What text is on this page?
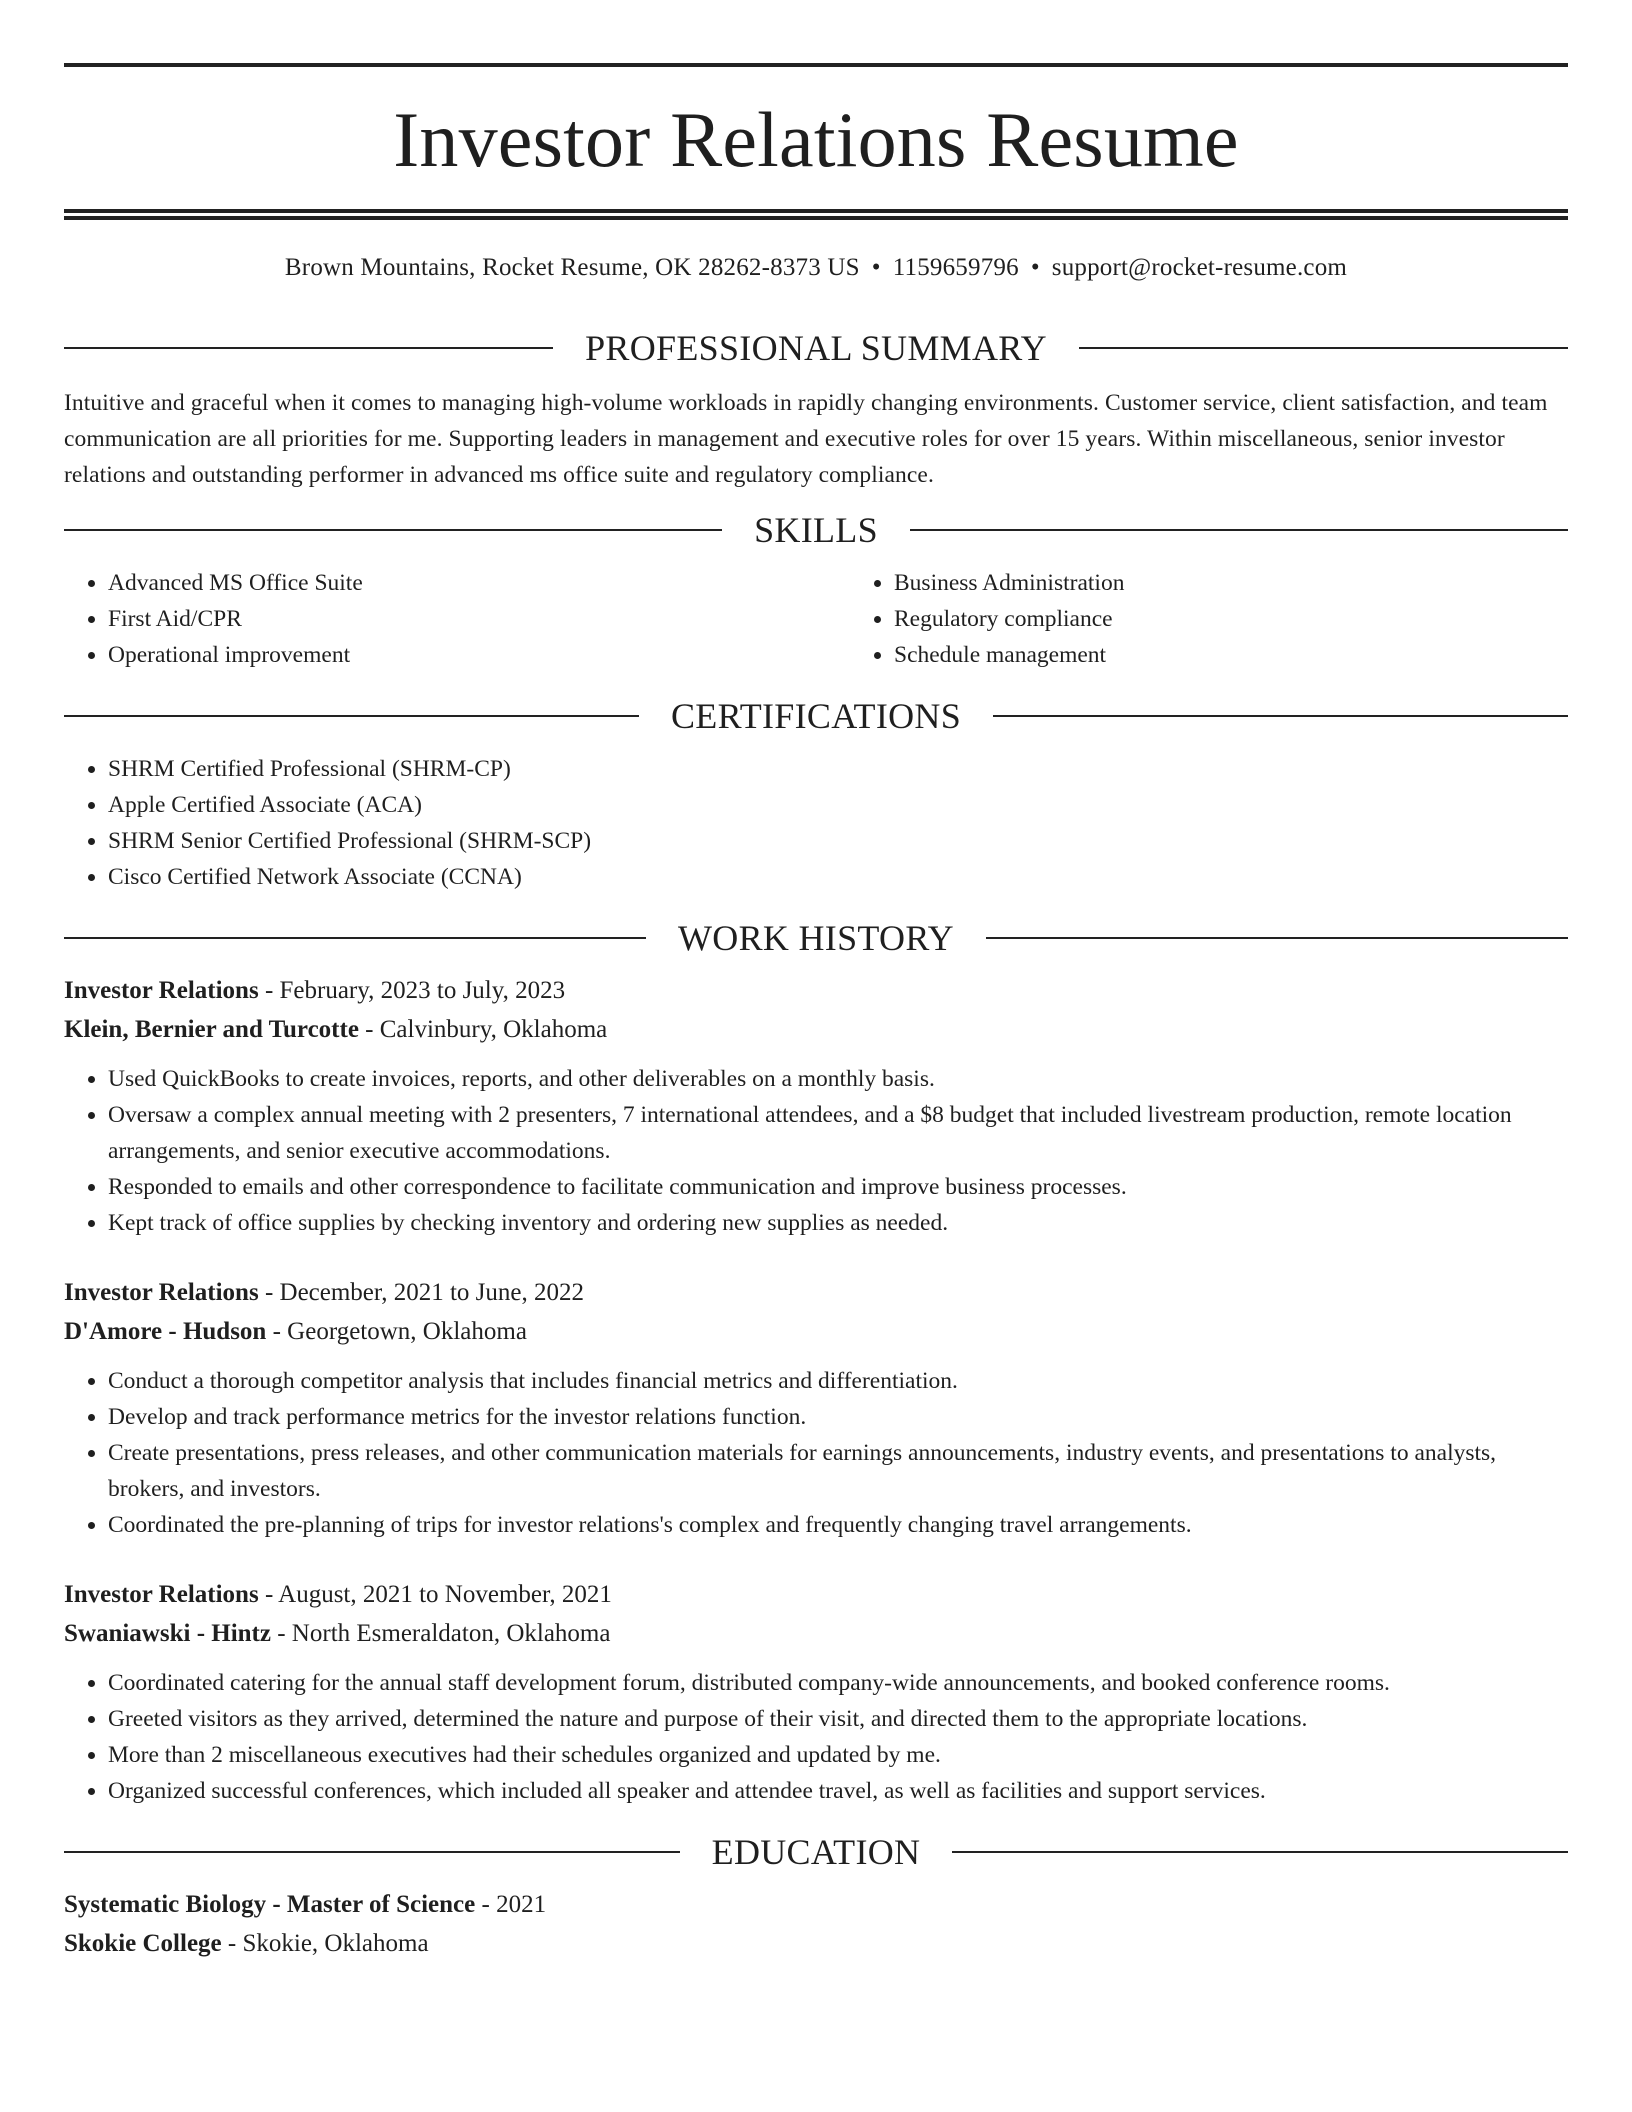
Investor Relations Resume
Brown Mountains, Rocket Resume, OK 28262-8373 US • 1159659796 • support@rocket-resume.com
PROFESSIONAL SUMMARY

Intuitive and graceful when it comes to managing high-volume workloads in rapidly changing environments. Customer service, client satisfaction, and team communication are all priorities for me. Supporting leaders in management and executive roles for over 15 years. Within miscellaneous, senior investor relations and outstanding performer in advanced ms office suite and regulatory compliance.

SKILLS
• Advanced MS Office Suite
• First Aid/CPR
• Operational improvement
• Business Administration
• Regulatory compliance
• Schedule management
CERTIFICATIONS
• SHRM Certified Professional (SHRM-CP)
• Apple Certified Associate (ACA)
• SHRM Senior Certified Professional (SHRM-SCP)
• Cisco Certified Network Associate (CCNA)
WORK HISTORY
Investor Relations - February, 2023 to July, 2023
Klein, Bernier and Turcotte - Calvinbury, Oklahoma
• Used QuickBooks to create invoices, reports, and other deliverables on a monthly basis.
• Oversaw a complex annual meeting with 2 presenters, 7 international attendees, and a $8 budget that included livestream production, remote location arrangements, and senior executive accommodations.
• Responded to emails and other correspondence to facilitate communication and improve business processes.
• Kept track of office supplies by checking inventory and ordering new supplies as needed.
Investor Relations - December, 2021 to June, 2022
D'Amore - Hudson - Georgetown, Oklahoma
• Conduct a thorough competitor analysis that includes financial metrics and differentiation.
• Develop and track performance metrics for the investor relations function.
• Create presentations, press releases, and other communication materials for earnings announcements, industry events, and presentations to analysts, brokers, and investors.
• Coordinated the pre-planning of trips for investor relations's complex and frequently changing travel arrangements.
Investor Relations - August, 2021 to November, 2021
Swaniawski - Hintz - North Esmeraldaton, Oklahoma
• Coordinated catering for the annual staff development forum, distributed company-wide announcements, and booked conference rooms.
• Greeted visitors as they arrived, determined the nature and purpose of their visit, and directed them to the appropriate locations.
• More than 2 miscellaneous executives had their schedules organized and updated by me.
• Organized successful conferences, which included all speaker and attendee travel, as well as facilities and support services.
EDUCATION
Systematic Biology - Master of Science - 2021
Skokie College - Skokie, Oklahoma
